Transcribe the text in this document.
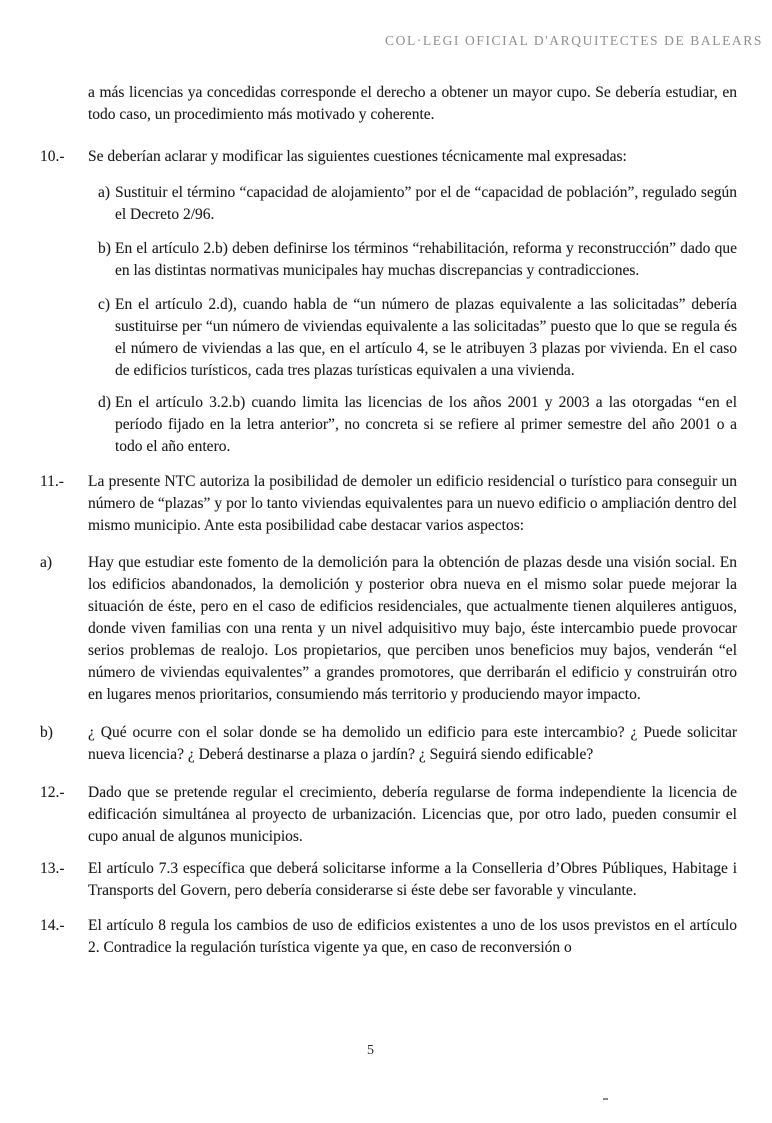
COL·LEGI OFICIAL D'ARQUITECTES DE BALEARS

a más licencias ya concedidas corresponde el derecho a obtener un mayor cupo. Se debería estudiar, en todo caso, un procedimiento más motivado y coherente.

10.-	Se deberían aclarar y modificar las siguientes cuestiones técnicamente mal expresadas:

a) Sustituir el término “capacidad de alojamiento” por el de “capacidad de población”, regulado según el Decreto 2/96.

b) En el artículo 2.b) deben definirse los términos “rehabilitación, reforma y reconstrucción” dado que en las distintas normativas municipales hay muchas discrepancias y contradicciones.

c) En el artículo 2.d), cuando habla de “un número de plazas equivalente a las solicitadas” debería sustituirse per “un número de viviendas equivalente a las solicitadas” puesto que lo que se regula és el número de viviendas a las que, en el artículo 4, se le atribuyen 3 plazas por vivienda. En el caso de edificios turísticos, cada tres plazas turísticas equivalen a una vivienda.

d) En el artículo 3.2.b) cuando limita las licencias de los años 2001 y 2003 a las otorgadas “en el período fijado en la letra anterior”, no concreta si se refiere al primer semestre del año 2001 o a todo el año entero.

11.-	La presente NTC autoriza la posibilidad de demoler un edificio residencial o turístico para conseguir un número de “plazas” y por lo tanto viviendas equivalentes para un nuevo edificio o ampliación dentro del mismo municipio. Ante esta posibilidad cabe destacar varios aspectos:

a)	Hay que estudiar este fomento de la demolición para la obtención de plazas desde una visión social. En los edificios abandonados, la demolición y posterior obra nueva en el mismo solar puede mejorar la situación de éste, pero en el caso de edificios residenciales, que actualmente tienen alquileres antiguos, donde viven familias con una renta y un nivel adquisitivo muy bajo, éste intercambio puede provocar serios problemas de realojo. Los propietarios, que perciben unos beneficios muy bajos, venderán “el número de viviendas equivalentes” a grandes promotores, que derribarán el edificio y construirán otro en lugares menos prioritarios, consumiendo más territorio y produciendo mayor impacto.

b)	¿ Qué ocurre con el solar donde se ha demolido un edificio para este intercambio? ¿ Puede solicitar nueva licencia? ¿ Deberá destinarse a plaza o jardín? ¿ Seguirá siendo edificable?

12.-	Dado que se pretende regular el crecimiento, debería regularse de forma independiente la licencia de edificación simultánea al proyecto de urbanización. Licencias que, por otro lado, pueden consumir el cupo anual de algunos municipios.

13.-	El artículo 7.3 específica que deberá solicitarse informe a la Conselleria d’Obres Públiques, Habitage i Transports del Govern, pero debería considerarse si éste debe ser favorable y vinculante.

14.-	El artículo 8 regula los cambios de uso de edificios existentes a uno de los usos previstos en el artículo 2. Contradice la regulación turística vigente ya que, en caso de reconversión o

5
